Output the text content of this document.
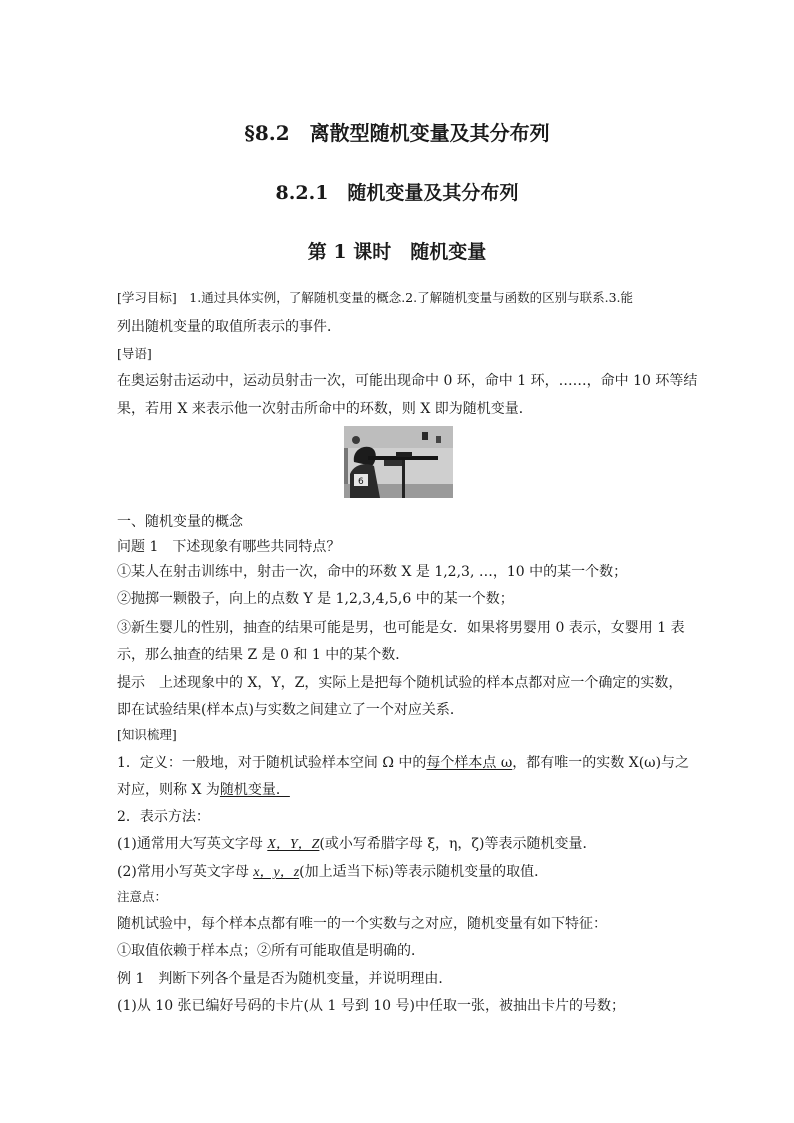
§8.2　离散型随机变量及其分布列
8.2.1　随机变量及其分布列
第 1 课时　随机变量
[学习目标]　1.通过具体实例，了解随机变量的概念.2.了解随机变量与函数的区别与联系.3.能
列出随机变量的取值所表示的事件．
[导语]
在奥运射击运动中，运动员射击一次，可能出现命中 0 环，命中 1 环，……，命中 10 环等结
果，若用 X 来表示他一次射击所命中的环数，则 X 即为随机变量．
6
一、随机变量的概念
问题 1　下述现象有哪些共同特点？
①某人在射击训练中，射击一次，命中的环数 X 是 1,2,3, …，10 中的某一个数；
②抛掷一颗骰子，向上的点数 Y 是 1,2,3,4,5,6 中的某一个数；
③新生婴儿的性别，抽查的结果可能是男，也可能是女．如果将男婴用 0 表示，女婴用 1 表
示，那么抽查的结果 Z 是 0 和 1 中的某个数．
提示　上述现象中的 X，Y，Z，实际上是把每个随机试验的样本点都对应一个确定的实数，
即在试验结果(样本点)与实数之间建立了一个对应关系．
[知识梳理]
1．定义：一般地，对于随机试验样本空间 Ω 中的每个样本点 ω，都有唯一的实数 X(ω)与之
对应，则称 X 为随机变量．
2．表示方法：
(1)通常用大写英文字母 X，Y，Z(或小写希腊字母 ξ，η，ζ)等表示随机变量．
(2)常用小写英文字母 x，y，z(加上适当下标)等表示随机变量的取值．
注意点：
随机试验中，每个样本点都有唯一的一个实数与之对应，随机变量有如下特征：
①取值依赖于样本点；②所有可能取值是明确的．
例 1　判断下列各个量是否为随机变量，并说明理由．
(1)从 10 张已编好号码的卡片(从 1 号到 10 号)中任取一张，被抽出卡片的号数；
